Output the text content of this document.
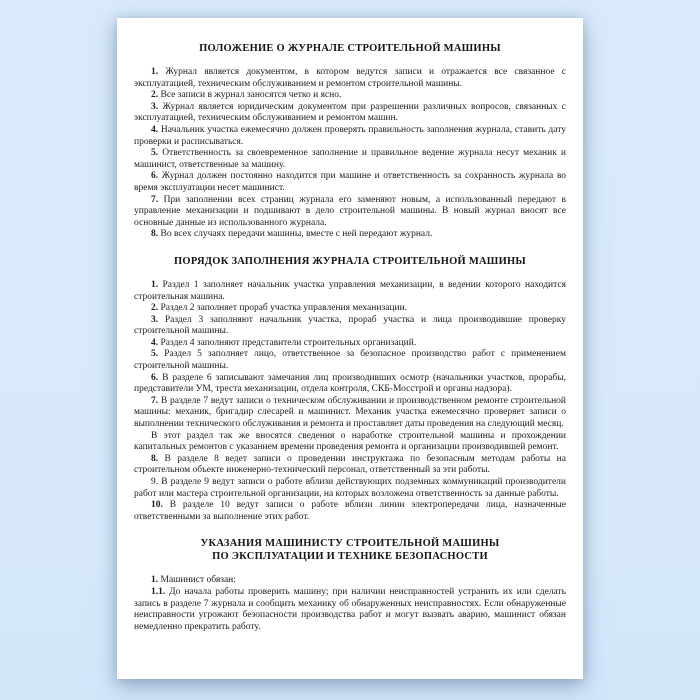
ПОЛОЖЕНИЕ О ЖУРНАЛЕ СТРОИТЕЛЬНОЙ МАШИНЫ

1. Журнал является документом, в котором ведутся записи и отражается все связанное с эксплуатацией, техническим обслуживанием и ремонтом строительной машины.

2. Все записи в журнал заносятся четко и ясно.

3. Журнал является юридическим документом при разрешении различных вопросов, связанных с эксплуатацией, техническим обслуживанием и ремонтом машин.

4. Начальник участка ежемесячно должен проверять правильность заполнения журнала, ставить дату проверки и расписываться.

5. Ответственность за своевременное заполнение и правильное ведение журнала несут механик и машинист, ответственные за машину.

6. Журнал должен постоянно находится при машине и ответственность за сохранность журнала во время эксплуатации несет машинист.

7. При заполнении всех страниц журнала его заменяют новым, а использованный передают в управление механизации и подшивают в дело строительной машины. В новый журнал вносят все основные данные из использованного журнала.

8. Во всех случаях передачи машины, вместе с ней передают журнал.

ПОРЯДОК ЗАПОЛНЕНИЯ ЖУРНАЛА СТРОИТЕЛЬНОЙ МАШИНЫ

1. Раздел 1 заполняет начальник участка управления механизации, в ведении которого находится строительная машина.

2. Раздел 2 заполняет прораб участка управления механизации.

3. Раздел 3 заполняют начальник участка, прораб участка и лица производившие проверку строительной машины.

4. Раздел 4 заполняют представители строительных организаций.

5. Раздел 5 заполняет лицо, ответственное за безопасное производство работ с применением строительной машины.

6. В разделе 6 записывают замечания лиц производивших осмотр (начальники участков, прорабы, представители УМ, треста механизации, отдела контроля, СКБ-Мосстрой и органы надзора).

7. В разделе 7 ведут записи о техническом обслуживании и производственном ремонте строительной машины: механик, бригадир слесарей и машинист. Механик участка ежемесячно проверяет записи о выполнении технического обслуживания и ремонта и проставляет даты проведения на следующий месяц.

В этот раздел так же вносятся сведения о наработке строительной машины и прохождении капитальных ремонтов с указанием времени проведения ремонта и организации производившей ремонт.

8. В разделе 8 ведет записи о проведении инструктажа по безопасным методам работы на строительном объекте инженерно-технический персонал, ответственный за эти работы.

9. В разделе 9 ведут записи о работе вблизи действующих подземных коммуникаций производители работ или мастера строительной организации, на которых возложена ответственность за данные работы.

10. В разделе 10 ведут записи о работе вблизи линии электропередачи лица, назначенные ответственными за выполнение этих работ.

УКАЗАНИЯ МАШИНИСТУ СТРОИТЕЛЬНОЙ МАШИНЫ
ПО ЭКСПЛУАТАЦИИ И ТЕХНИКЕ БЕЗОПАСНОСТИ

1. Машинист обязан:

1.1. До начала работы проверить машину; при наличии неисправностей устранить их или сделать запись в разделе 7 журнала и сообщить механику об обнаруженных неисправностях. Если обнаруженные неисправности угрожают безопасности производства работ и могут вызвать аварию, машинист обязан немедленно прекратить работу.
